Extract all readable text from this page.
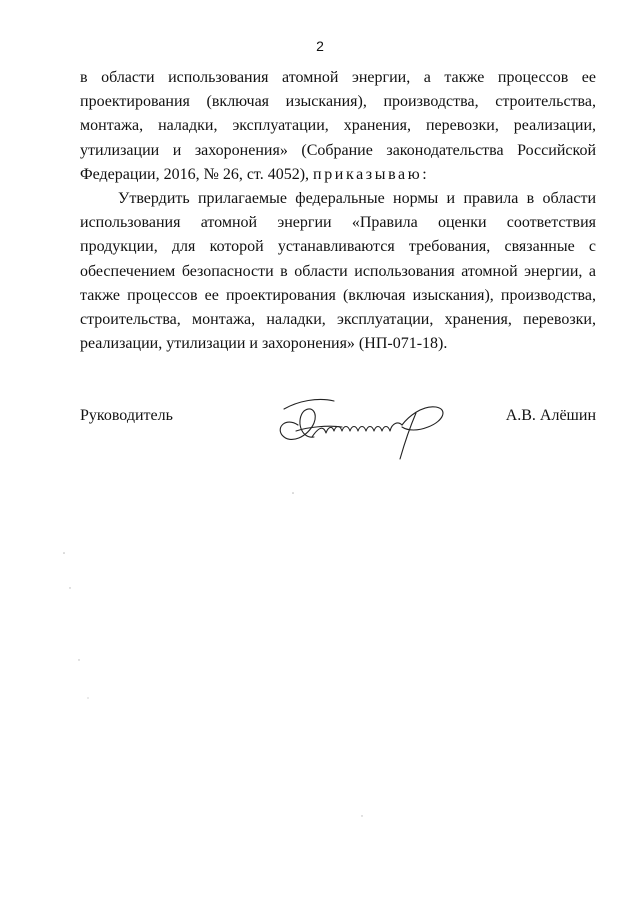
2

в области использования атомной энергии, а также процессов ее проектирования (включая изыскания), производства, строительства, монтажа, наладки, эксплуатации, хранения, перевозки, реализации, утилизации и захоронения» (Собрание законодательства Российской Федерации, 2016, № 26, ст. 4052), приказываю:

Утвердить прилагаемые федеральные нормы и правила в области использования атомной энергии «Правила оценки соответствия продукции, для которой устанавливаются требования, связанные с обеспечением безопасности в области использования атомной энергии, а также процессов ее проектирования (включая изыскания), производства, строительства, монтажа, наладки, эксплуатации, хранения, перевозки, реализации, утилизации и захоронения» (НП-071-18).

Руководитель	А.В. Алёшин
